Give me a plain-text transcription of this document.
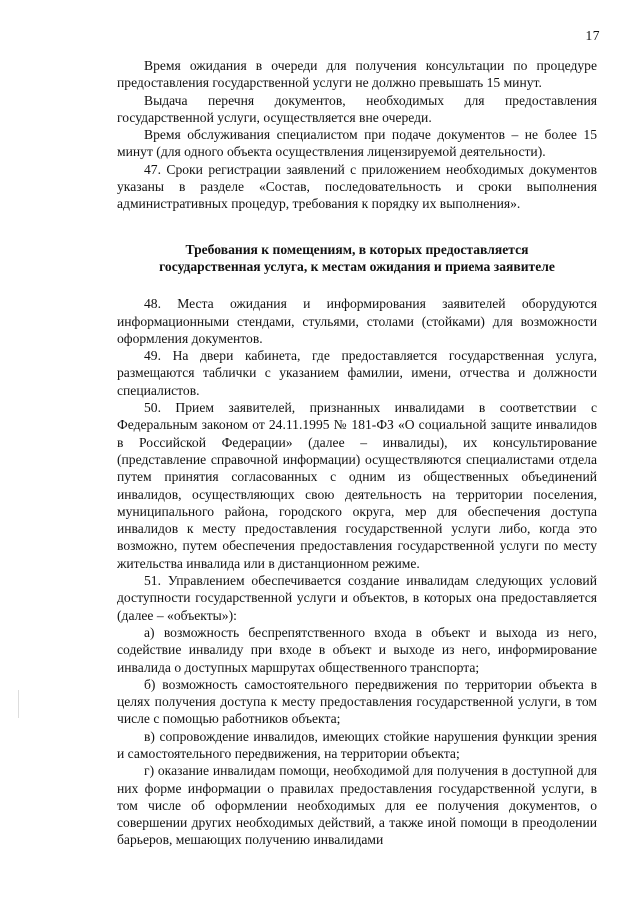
17

Время ожидания в очереди для получения консультации по процедуре предоставления государственной услуги не должно превышать 15 минут.

Выдача перечня документов, необходимых для предоставления государственной услуги, осуществляется вне очереди.

Время обслуживания специалистом при подаче документов – не более 15 минут (для одного объекта осуществления лицензируемой деятельности).

47. Сроки регистрации заявлений с приложением необходимых документов указаны в разделе «Состав, последовательность и сроки выполнения административных процедур, требования к порядку их выполнения».

Требования к помещениям, в которых предоставляется государственная услуга, к местам ожидания и приема заявителе

48. Места ожидания и информирования заявителей оборудуются информационными стендами, стульями, столами (стойками) для возможности оформления документов.

49. На двери кабинета, где предоставляется государственная услуга, размещаются таблички с указанием фамилии, имени, отчества и должности специалистов.

50. Прием заявителей, признанных инвалидами в соответствии с Федеральным законом от 24.11.1995 № 181-ФЗ «О социальной защите инвалидов в Российской Федерации» (далее – инвалиды), их консультирование (представление справочной информации) осуществляются специалистами отдела путем принятия согласованных с одним из общественных объединений инвалидов, осуществляющих свою деятельность на территории поселения, муниципального района, городского округа, мер для обеспечения доступа инвалидов к месту предоставления государственной услуги либо, когда это возможно, путем обеспечения предоставления государственной услуги по месту жительства инвалида или в дистанционном режиме.

51. Управлением обеспечивается создание инвалидам следующих условий доступности государственной услуги и объектов, в которых она предоставляется (далее – «объекты»):

а) возможность беспрепятственного входа в объект и выхода из него, содействие инвалиду при входе в объект и выходе из него, информирование инвалида о доступных маршрутах общественного транспорта;

б) возможность самостоятельного передвижения по территории объекта в целях получения доступа к месту предоставления государственной услуги, в том числе с помощью работников объекта;

в) сопровождение инвалидов, имеющих стойкие нарушения функции зрения и самостоятельного передвижения, на территории объекта;

г) оказание инвалидам помощи, необходимой для получения в доступной для них форме информации о правилах предоставления государственной услуги, в том числе об оформлении необходимых для ее получения документов, о совершении других необходимых действий, а также иной помощи в преодолении барьеров, мешающих получению инвалидами
